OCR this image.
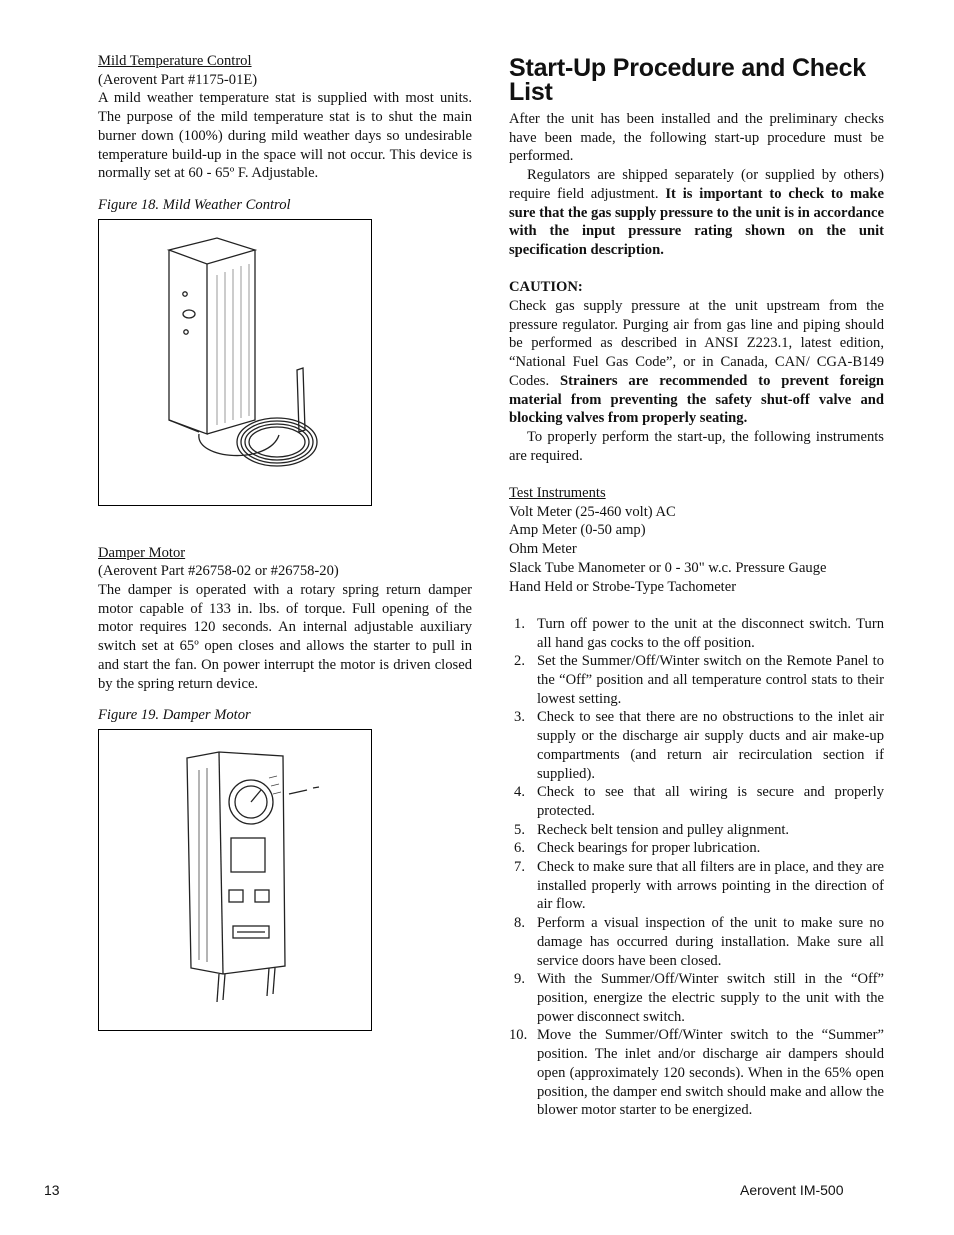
Mild Temperature Control
(Aerovent Part #1175-01E)
A mild weather temperature stat is supplied with most units. The purpose of the mild temperature stat is to shut the main burner down (100%) during mild weather days so undesirable temperature build-up in the space will not occur. This device is normally set at 60 - 65º F. Adjustable.
Figure 18. Mild Weather Control
Damper Motor
(Aerovent Part #26758-02 or #26758-20)
The damper is operated with a rotary spring return damper motor capable of 133 in. lbs. of torque. Full opening of the motor requires 120 seconds. An internal adjustable auxiliary switch set at 65º open closes and allows the starter to pull in and start the fan. On power interrupt the motor is driven closed by the spring return device.
Figure 19. Damper Motor
Start-Up Procedure and Check List
After the unit has been installed and the preliminary checks have been made, the following start-up procedure must be performed.
Regulators are shipped separately (or supplied by others) require field adjustment. It is important to check to make sure that the gas supply pressure to the unit is in accordance with the input pressure rating shown on the unit specification description.
CAUTION:
Check gas supply pressure at the unit upstream from the pressure regulator. Purging air from gas line and piping should be performed as described in ANSI Z223.1, latest edition, “National Fuel Gas Code”, or in Canada, CAN/ CGA-B149 Codes. Strainers are recommended to prevent foreign material from preventing the safety shut-off valve and blocking valves from properly seating.
To properly perform the start-up, the following instruments are required.
Test Instruments
Volt Meter (25-460 volt) AC
Amp Meter (0-50 amp)
Ohm Meter
Slack Tube Manometer or 0 - 30" w.c. Pressure Gauge
Hand Held or Strobe-Type Tachometer
1. Turn off power to the unit at the disconnect switch. Turn all hand gas cocks to the off position.
2. Set the Summer/Off/Winter switch on the Remote Panel to the “Off” position and all temperature control stats to their lowest setting.
3. Check to see that there are no obstructions to the inlet air supply or the discharge air supply ducts and air make-up compartments (and return air recirculation section if supplied).
4. Check to see that all wiring is secure and properly protected.
5. Recheck belt tension and pulley alignment.
6. Check bearings for proper lubrication.
7. Check to make sure that all filters are in place, and they are installed properly with arrows pointing in the direction of air flow.
8. Perform a visual inspection of the unit to make sure no damage has occurred during installation. Make sure all service doors have been closed.
9. With the Summer/Off/Winter switch still in the “Off” position, energize the electric supply to the unit with the power disconnect switch.
10. Move the Summer/Off/Winter switch to the “Summer” position. The inlet and/or discharge air dampers should open (approximately 120 seconds). When in the 65% open position, the damper end switch should make and allow the blower motor starter to be energized.
13	Aerovent IM-500
